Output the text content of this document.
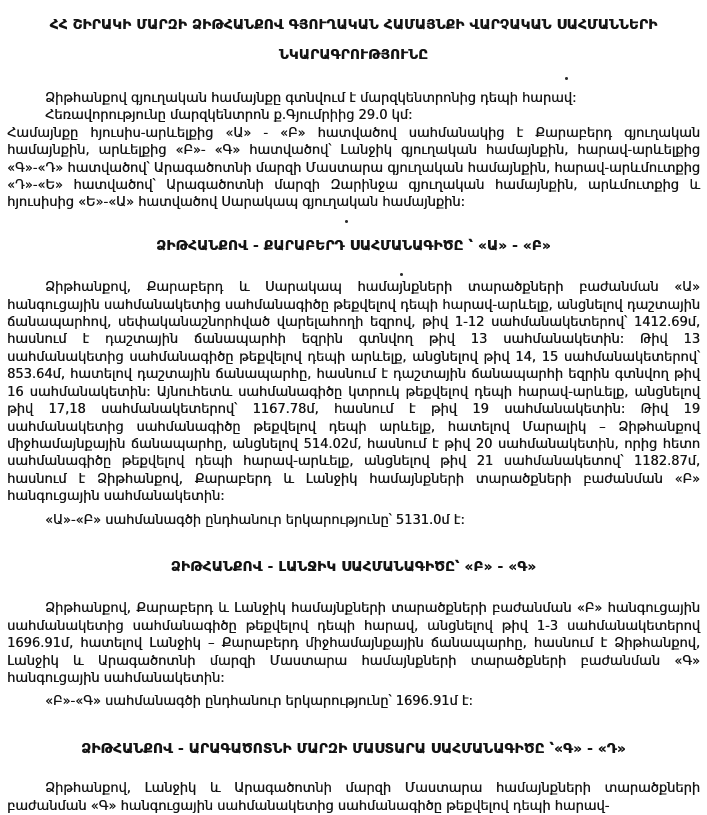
ՀՀ ՇԻՐԱԿԻ ՄԱՐԶԻ ՁԻԹՀԱՆՔՈՎ ԳՅՈՒՂԱԿԱՆ ՀԱՄԱՅՆՔԻ ՎԱՐՉԱԿԱՆ ՍԱՀՄԱՆՆԵՐԻ
ՆԿԱՐԱԳՐՈՒԹՅՈՒՆԸ
Ձիթհանքով գյուղական համայնքը գտնվում է մարզկենտրոնից դեպի հարավ:
Հեռավորությունը մարզկենտրոն ք.Գյումրիից 29.0 կմ:

Համայնքը հյուսիս-արևելքից «Ա» - «Բ» հատվածով սահմանակից է Քարաբերդ գյուղական համայնքին, արևելքից «Բ»- «Գ» հատվածով՝ Լանջիկ գյուղական համայնքին, հարավ-արևելքից «Գ»-«Դ» հատվածով՝ Արագածոտնի մարզի Մաստարա գյուղական համայնքին, հարավ-արևմուտքից «Դ»-«Ե» հատվածով՝ Արագածոտնի մարզի Զարինջա գյուղական համայնքին, արևմուտքից և հյուսիսից «Ե»-«Ա» հատվածով Սարակապ գյուղական համայնքին:

ՁԻԹՀԱՆՔՈՎ - ՔԱՐԱԲԵՐԴ ՍԱՀՄԱՆԱԳԻԾԸ ՝ «Ա» - «Բ»

Ձիթհանքով, Քարաբերդ և Սարակապ համայնքների տարածքների բաժանման «Ա» հանգուցային սահմանակետից սահմանագիծը թեքվելով դեպի հարավ-արևելք, անցնելով դաշտային ճանապարհով, սեփականաշնորհված վարելահողի եզրով, թիվ 1-12 սահմանակետերով՝ 1412.69մ, հասնում է դաշտային ճանապարհի եզրին գտնվող թիվ 13 սահմանակետին: Թիվ 13 սահմանակետից սահմանագիծը թեքվելով դեպի արևելք, անցնելով թիվ 14, 15 սահմանակետերով՝ 853.64մ, հատելով դաշտային ճանապարհը, հասնում է դաշտային ճանապարհի եզրին գտնվող թիվ 16 սահմանակետին: Այնուհետև սահմանագիծը կտրուկ թեքվելով դեպի հարավ-արևելք, անցնելով թիվ 17,18 սահմանակետերով՝ 1167.78մ, հասնում է թիվ 19 սահմանակետին: Թիվ 19 սահմանակետից սահմանագիծը թեքվելով դեպի արևելք, հատելով Մարալիկ – Ձիթհանքով միջհամայնքային ճանապարհը, անցնելով 514.02մ, հասնում է թիվ 20 սահմանակետին, որից հետո սահմանագիծը թեքվելով դեպի հարավ-արևելք, անցնելով թիվ 21 սահմանակետով՝ 1182.87մ, հասնում է Ձիթհանքով, Քարաբերդ և Լանջիկ համայնքների տարածքների բաժանման «Բ» հանգուցային սահմանակետին:

«Ա»-«Բ» սահմանագծի ընդհանուր երկարությունը՝ 5131.0մ է:
ՁԻԹՀԱՆՔՈՎ - ԼԱՆՋԻԿ ՍԱՀՄԱՆԱԳԻԾԸ՝ «Բ» - «Գ»

Ձիթհանքով, Քարաբերդ և Լանջիկ համայնքների տարածքների բաժանման «Բ» հանգուցային սահմանակետից սահմանագիծը թեքվելով դեպի հարավ, անցնելով թիվ 1-3 սահմանակետերով 1696.91մ, հատելով Լանջիկ – Քարաբերդ միջհամայնքային ճանապարհը, հասնում է Ձիթհանքով, Լանջիկ և Արագածոտնի մարզի Մաստարա համայնքների տարածքների բաժանման «Գ» հանգուցային սահմանակետին:

«Բ»-«Գ» սահմանագծի ընդհանուր երկարությունը՝ 1696.91մ է:
ՁԻԹՀԱՆՔՈՎ - ԱՐԱԳԱԾՈՏՆԻ ՄԱՐԶԻ ՄԱՍՏԱՐԱ ՍԱՀՄԱՆԱԳԻԾԸ ՝«Գ» - «Դ»

Ձիթհանքով, Լանջիկ և Արագածոտնի մարզի Մաստարա համայնքների տարածքների բաժանման «Գ» հանգուցային սահմանակետից սահմանագիծը թեքվելով դեպի հարավ-
